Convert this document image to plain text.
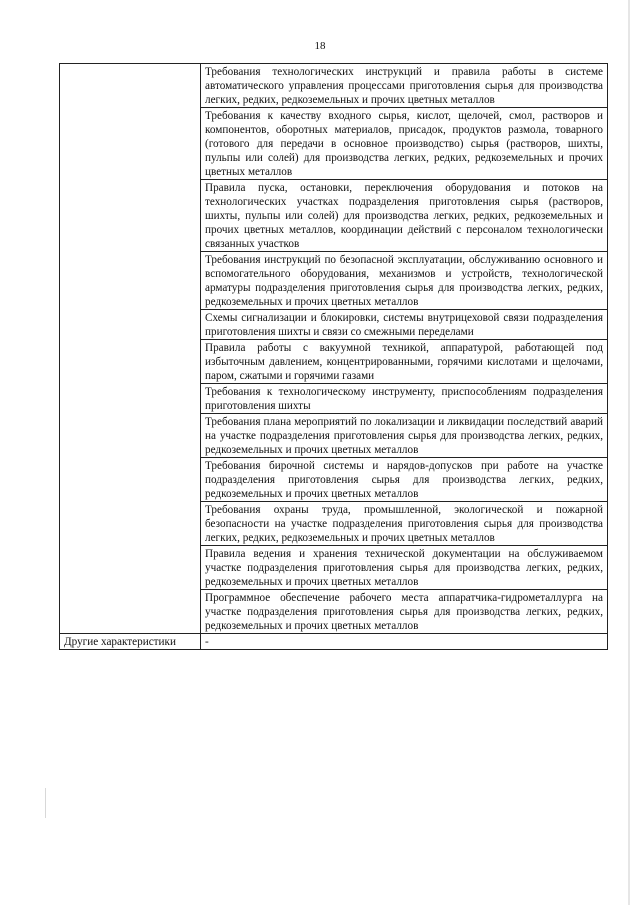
18
	Требования технологических инструкций и правила работы в системе автоматического управления процессами приготовления сырья для производства легких, редких, редкоземельных и прочих цветных металлов
	Требования к качеству входного сырья, кислот, щелочей, смол, растворов и компонентов, оборотных материалов, присадок, продуктов размола, товарного (готового для передачи в основное производство) сырья (растворов, шихты, пульпы или солей) для производства легких, редких, редкоземельных и прочих цветных металлов
	Правила пуска, остановки, переключения оборудования и потоков на технологических участках подразделения приготовления сырья (растворов, шихты, пульпы или солей) для производства легких, редких, редкоземельных и прочих цветных металлов, координации действий с персоналом технологически связанных участков
	Требования инструкций по безопасной эксплуатации, обслуживанию основного и вспомогательного оборудования, механизмов и устройств, технологической арматуры подразделения приготовления сырья для производства легких, редких, редкоземельных и прочих цветных металлов
	Схемы сигнализации и блокировки, системы внутрицеховой связи подразделения приготовления шихты и связи со смежными переделами
	Правила работы с вакуумной техникой, аппаратурой, работающей под избыточным давлением, концентрированными, горячими кислотами и щелочами, паром, сжатыми и горячими газами
	Требования к технологическому инструменту, приспособлениям подразделения приготовления шихты
	Требования плана мероприятий по локализации и ликвидации последствий аварий на участке подразделения приготовления сырья для производства легких, редких, редкоземельных и прочих цветных металлов
	Требования бирочной системы и нарядов-допусков при работе на участке подразделения приготовления сырья для производства легких, редких, редкоземельных и прочих цветных металлов
	Требования охраны труда, промышленной, экологической и пожарной безопасности на участке подразделения приготовления сырья для производства легких, редких, редкоземельных и прочих цветных металлов
	Правила ведения и хранения технической документации на обслуживаемом участке подразделения приготовления сырья для производства легких, редких, редкоземельных и прочих цветных металлов
	Программное обеспечение рабочего места аппаратчика-гидрометаллурга на участке подразделения приготовления сырья для производства легких, редких, редкоземельных и прочих цветных металлов
Другие характеристики	-
